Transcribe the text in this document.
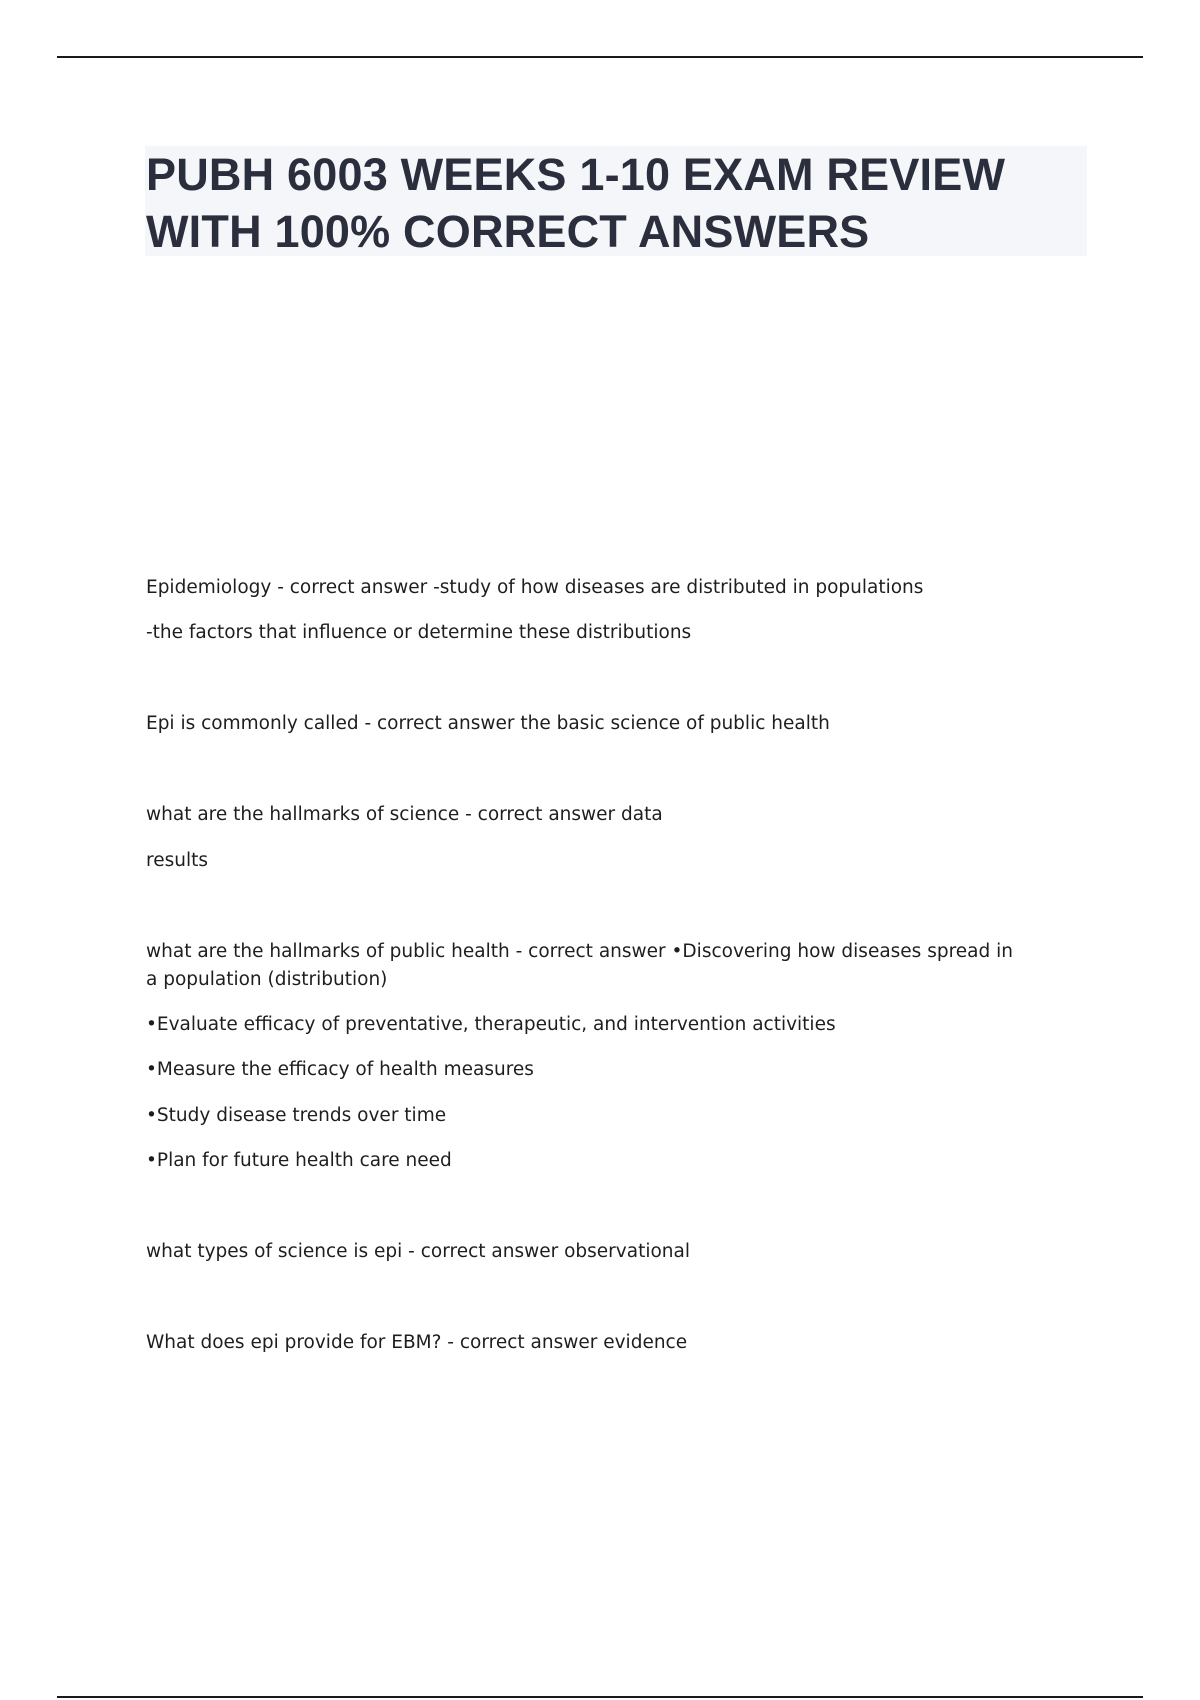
PUBH 6003 WEEKS 1-10 EXAM REVIEW WITH 100% CORRECT ANSWERS

Epidemiology - correct answer -study of how diseases are distributed in populations

-the factors that influence or determine these distributions

Epi is commonly called - correct answer the basic science of public health

what are the hallmarks of science - correct answer data

results

what are the hallmarks of public health - correct answer •Discovering how diseases spread in a population (distribution)

•Evaluate efficacy of preventative, therapeutic, and intervention activities

•Measure the efficacy of health measures

•Study disease trends over time

•Plan for future health care need

what types of science is epi - correct answer observational

What does epi provide for EBM? - correct answer evidence
